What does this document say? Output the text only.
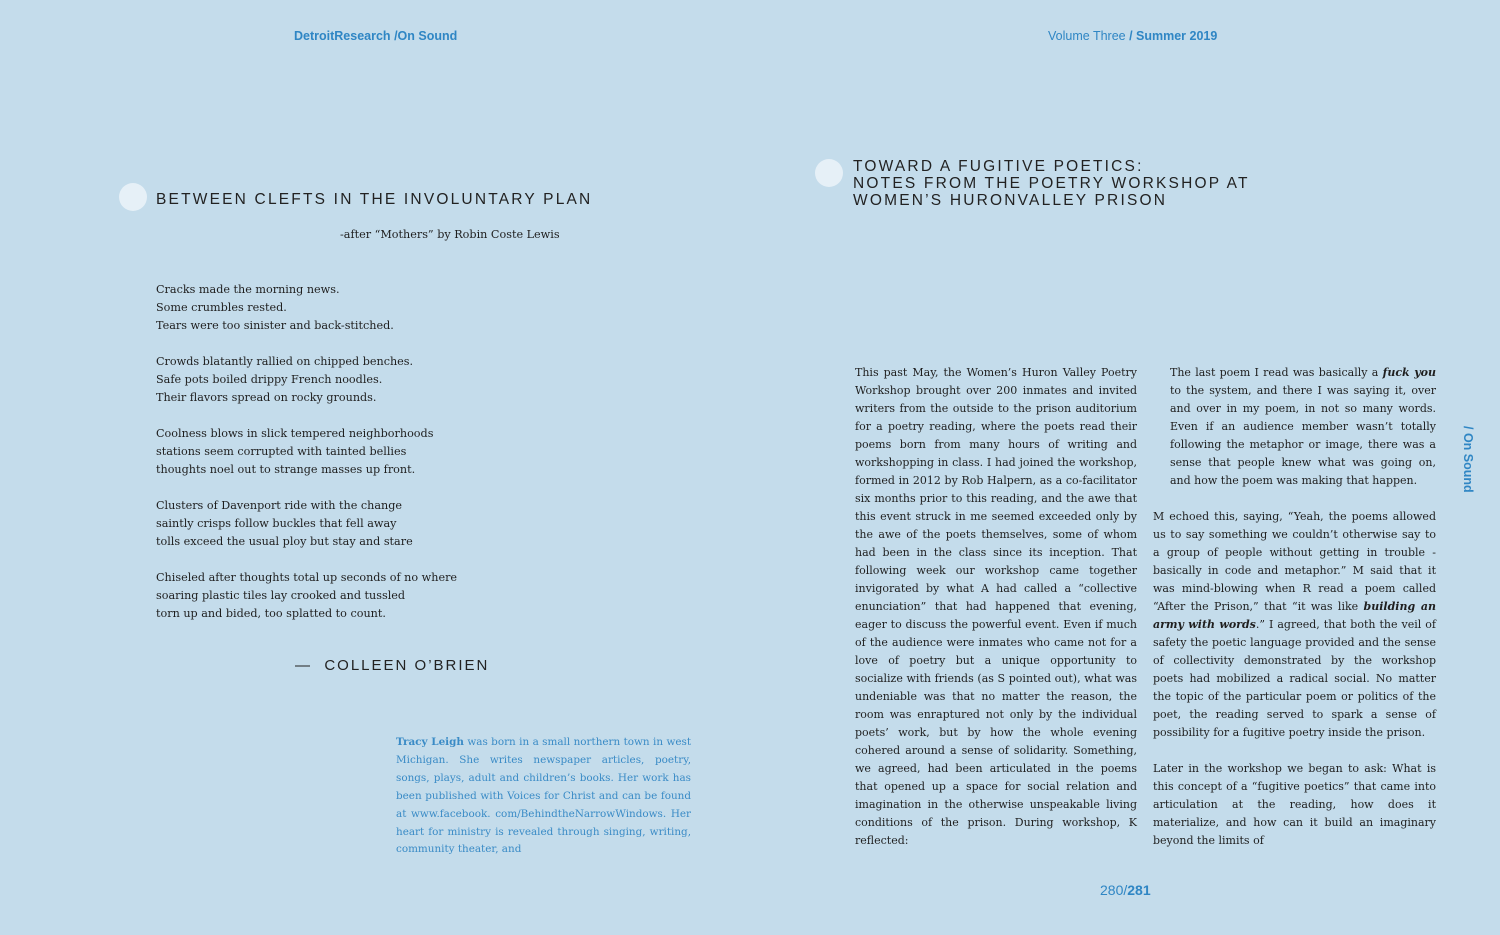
DetroitResearch /On Sound	Volume Three / Summer 2019
BETWEEN CLEFTS IN THE INVOLUNTARY PLAN
-after “Mothers” by Robin Coste Lewis
Cracks made the morning news.
Some crumbles rested.
Tears were too sinister and back-stitched.
Crowds blatantly rallied on chipped benches.
Safe pots boiled drippy French noodles.
Their flavors spread on rocky grounds.
Coolness blows in slick tempered neighborhoods
stations seem corrupted with tainted bellies
thoughts noel out to strange masses up front.
Clusters of Davenport ride with the change
saintly crisps follow buckles that fell away
tolls exceed the usual ploy but stay and stare
Chiseled after thoughts total up seconds of no where
soaring plastic tiles lay crooked and tussled
torn up and bided, too splatted to count.
— COLLEEN O’BRIEN
Tracy Leigh was born in a small northern town in west Michigan. She writes newspaper articles, poetry, songs, plays, adult and children’s books. Her work has been published with Voices for Christ and can be found at www.facebook. com/BehindtheNarrowWindows. Her heart for ministry is revealed through singing, writing, community theater, and
TOWARD A FUGITIVE POETICS:
NOTES FROM THE POETRY WORKSHOP AT
WOMEN’S HURONVALLEY PRISON

This past May, the Women’s Huron Valley Poetry Workshop brought over 200 inmates and invited writers from the outside to the prison auditorium for a poetry reading, where the poets read their poems born from many hours of writing and workshopping in class. I had joined the workshop, formed in 2012 by Rob Halpern, as a co-facilitator six months prior to this reading, and the awe that this event struck in me seemed exceeded only by the awe of the poets themselves, some of whom had been in the class since its inception. That following week our workshop came together invigorated by what A had called a “collective enunciation” that had happened that evening, eager to discuss the powerful event. Even if much of the audience were inmates who came not for a love of poetry but a unique opportunity to socialize with friends (as S pointed out), what was undeniable was that no matter the reason, the room was enraptured not only by the individual poets’ work, but by how the whole evening cohered around a sense of solidarity. Something, we agreed, had been articulated in the poems that opened up a space for social relation and imagination in the otherwise unspeakable living conditions of the prison. During workshop, K reflected:

The last poem I read was basically a fuck you to the system, and there I was saying it, over and over in my poem, in not so many words. Even if an audience member wasn’t totally following the metaphor or image, there was a sense that people knew what was going on, and how the poem was making that happen.

M echoed this, saying, “Yeah, the poems allowed us to say something we couldn’t otherwise say to a group of people without getting in trouble - basically in code and metaphor.” M said that it was mind-blowing when R read a poem called “After the Prison,” that “it was like building an army with words.” I agreed, that both the veil of safety the poetic language provided and the sense of collectivity demonstrated by the workshop poets had mobilized a radical social. No matter the topic of the particular poem or politics of the poet, the reading served to spark a sense of possibility for a fugitive poetry inside the prison.

Later in the workshop we began to ask: What is this concept of a “fugitive poetics” that came into articulation at the reading, how does it materialize, and how can it build an imaginary beyond the limits of

/ On Sound
280/281
